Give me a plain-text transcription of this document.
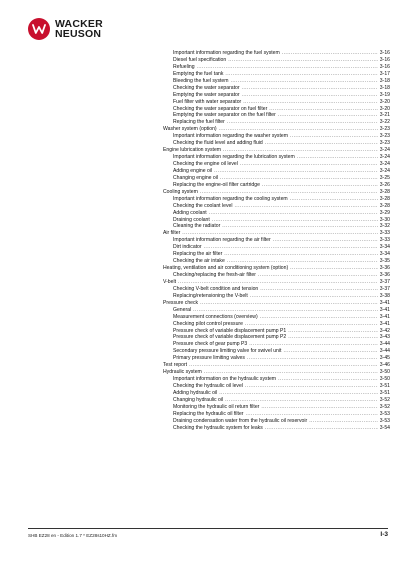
WACKER
NEUSON
Important information regarding the fuel system .....	3-16
Diesel fuel specification .....	3-16
Refueling .....	3-16
Emptying the fuel tank .....	3-17
Bleeding the fuel system .....	3-18
Checking the water separator .....	3-18
Emptying the water separator .....	3-19
Fuel filter with water separator .....	3-20
Checking the water separator on fuel filter .....	3-20
Emptying the water separator on the fuel filter .....	3-21
Replacing the fuel filter .....	3-22
Washer system (option) .....	3-23
Important information regarding the washer system .....	3-23
Checking the fluid level and adding fluid .....	3-23
Engine lubrication system .....	3-24
Important information regarding the lubrication system .....	3-24
Checking the engine oil level .....	3-24
Adding engine oil .....	3-24
Changing engine oil .....	3-25
Replacing the engine-oil filter cartridge .....	3-26
Cooling system .....	3-28
Important information regarding the cooling system .....	3-28
Checking the coolant level .....	3-28
Adding coolant .....	3-29
Draining coolant .....	3-30
Cleaning the radiator .....	3-32
Air filter .....	3-33
Important information regarding the air filter .....	3-33
Dirt indicator .....	3-34
Replacing the air filter .....	3-34
Checking the air intake .....	3-35
Heating, ventilation and air conditioning system (option) .....	3-36
Checking/replacing the fresh-air filter .....	3-36
V-belt .....	3-37
Checking V-belt condition and tension .....	3-37
Replacing/retensioning the V-belt .....	3-38
Pressure check .....	3-41
General .....	3-41
Measurement connections (overview) .....	3-41
Checking pilot control pressure .....	3-41
Pressure check of variable displacement pump P1 .....	3-42
Pressure check of variable displacement pump P2 .....	3-43
Pressure check of gear pump P3 .....	3-44
Secondary pressure limiting valve for swivel unit .....	3-44
Primary pressure limiting valves .....	3-45
Test report .....	3-46
Hydraulic system .....	3-50
Important information on the hydraulic system .....	3-50
Checking the hydraulic oil level .....	3-51
Adding hydraulic oil .....	3-51
Changing hydraulic oil .....	3-52
Monitoring the hydraulic oil return filter .....	3-52
Replacing the hydraulic oil filter .....	3-53
Draining condensation water from the hydraulic oil reservoir .....	3-53
Checking the hydraulic system for leaks .....	3-54
SHB EZ28 en - Edition 1.7 * EZ28s10HZ.fm	I-3
